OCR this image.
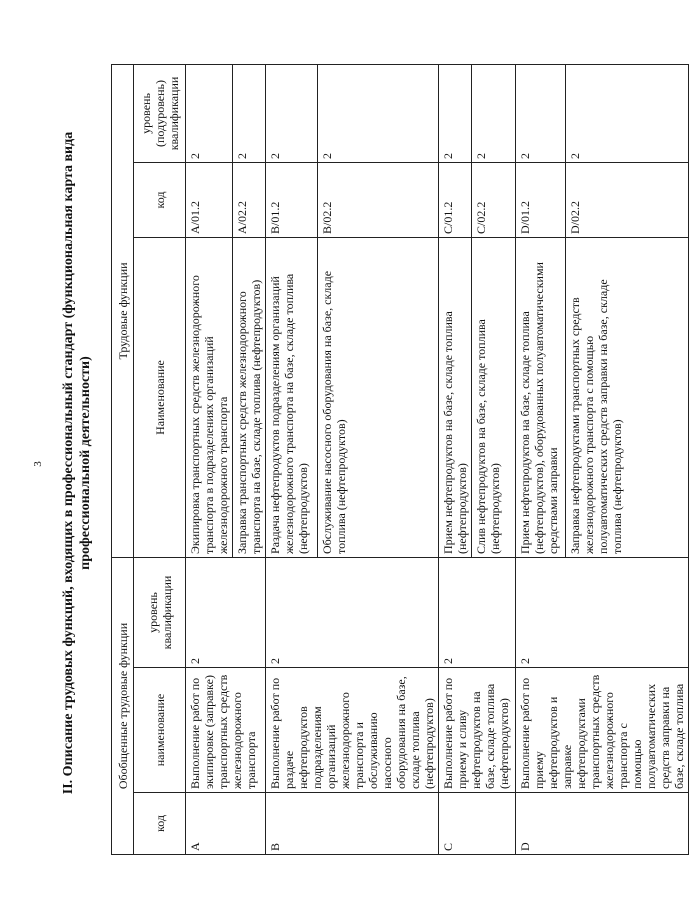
3 II. Описание трудовых функций, входящих в профессиональный стандарт (функциональная карта вида профессиональной деятельности)
Обобщенные трудовые функции			Трудовые функции		
код	наименование	уровень квалификации	Наименование	код	уровень (подуровень) квалификации
A	Выполнение работ по экипировке (заправке) транспортных средств железнодорожного транспорта	2	Экипировка транспортных средств железнодорожного транспорта в подразделениях организаций железнодорожного транспорта	A/01.2	2
			Заправка транспортных средств железнодорожного транспорта на базе, складе топлива (нефтепродуктов)	A/02.2	2
B	Выполнение работ по раздаче нефтепродуктов подразделениям организаций железнодорожного транспорта и обслуживанию насосного оборудования на базе, складе топлива (нефтепродуктов)	2	Раздача нефтепродуктов подразделениям организаций железнодорожного транспорта на базе, складе топлива (нефтепродуктов)	B/01.2	2
			Обслуживание насосного оборудования на базе, складе топлива (нефтепродуктов)	B/02.2	2
C	Выполнение работ по приему и сливу нефтепродуктов на базе, складе топлива (нефтепродуктов)	2	Прием нефтепродуктов на базе, складе топлива (нефтепродуктов)	C/01.2	2
			Слив нефтепродуктов на базе, складе топлива (нефтепродуктов)	C/02.2	2
D	Выполнение работ по приему нефтепродуктов и заправке нефтепродуктами транспортных средств железнодорожного транспорта с помощью полуавтоматических средств заправки на базе, складе топлива	2	Прием нефтепродуктов на базе, складе топлива (нефтепродуктов), оборудованных полуавтоматическими средствами заправки	D/01.2	2
			Заправка нефтепродуктами транспортных средств железнодорожного транспорта с помощью полуавтоматических средств заправки на базе, складе топлива (нефтепродуктов)	D/02.2	2
